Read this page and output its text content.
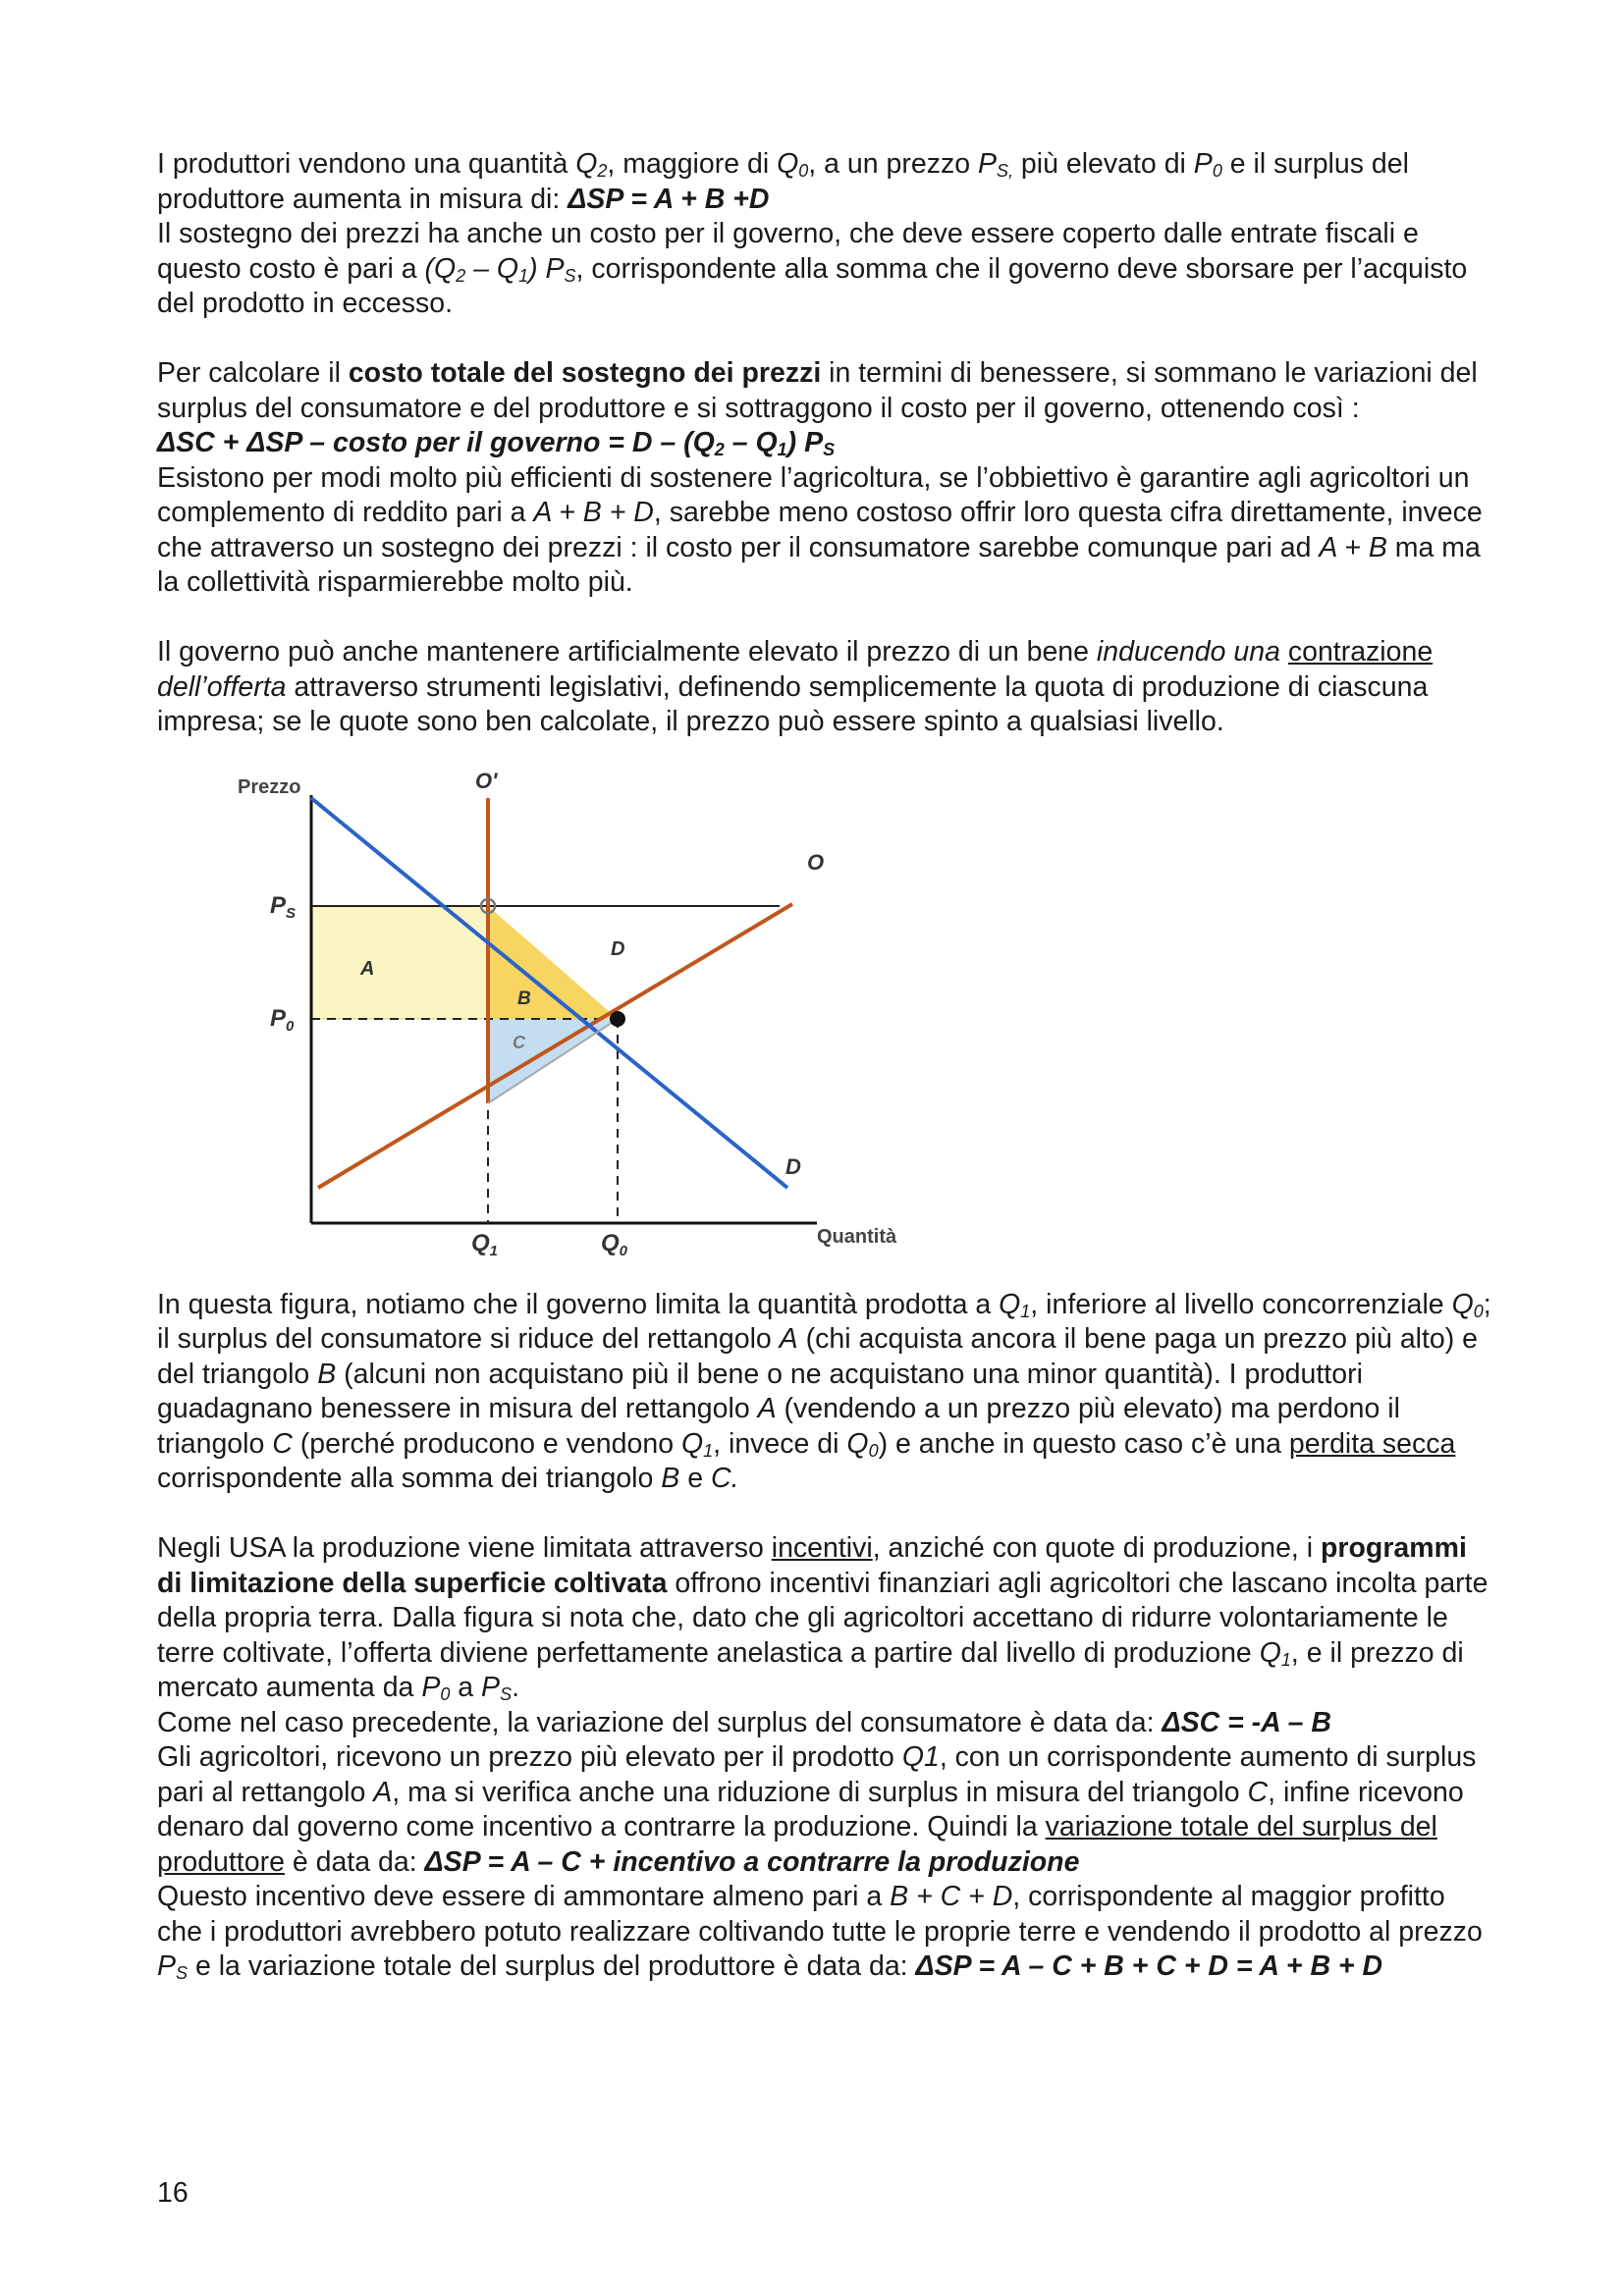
I produttori vendono una quantità $Q_2$, maggiore di $Q_0$, a un prezzo $P_{S,}$ più elevato di $P_0$ e il surplus del produttore aumenta in misura di: ΔSP = A + B +D

Il sostegno dei prezzi ha anche un costo per il governo, che deve essere coperto dalle entrate fiscali e questo costo è pari a $(Q_2 - Q_1)$ $P_S$, corrispondente alla somma che il governo deve sborsare per l’acquisto del prodotto in eccesso.

Per calcolare il costo totale del sostegno dei prezzi in termini di benessere, si sommano le variazioni del surplus del consumatore e del produttore e si sottraggono il costo per il governo, ottenendo così :

ΔSC + ΔSP – costo per il governo = D – $(Q_2 - Q_1)$ $P_S$

Esistono per modi molto più efficienti di sostenere l’agricoltura, se l’obbiettivo è garantire agli agricoltori un complemento di reddito pari a A + B + D, sarebbe meno costoso offrir loro questa cifra direttamente, invece che attraverso un sostegno dei prezzi : il costo per il consumatore sarebbe comunque pari ad A + B ma ma la collettività risparmierebbe molto più.

Il governo può anche mantenere artificialmente elevato il prezzo di un bene inducendo una contrazione dell’offerta attraverso strumenti legislativi, definendo semplicemente la quota di produzione di ciascuna impresa; se le quote sono ben calcolate, il prezzo può essere spinto a qualsiasi livello.

Prezzo
Quantità
O'
O
D
D
$P_S$
$P_0$
$Q_1$	$Q_0$
A
B
C

In questa figura, notiamo che il governo limita la quantità prodotta a $Q_1$, inferiore al livello concorrenziale $Q_0$; il surplus del consumatore si riduce del rettangolo A (chi acquista ancora il bene paga un prezzo più alto) e del triangolo B (alcuni non acquistano più il bene o ne acquistano una minor quantità). I produttori guadagnano benessere in misura del rettangolo A (vendendo a un prezzo più elevato) ma perdono il triangolo C (perché producono e vendono $Q_1$, invece di $Q_0$) e anche in questo caso c’è una perdita secca corrispondente alla somma dei triangolo B e C.

Negli USA la produzione viene limitata attraverso incentivi, anziché con quote di produzione, i programmi di limitazione della superficie coltivata offrono incentivi finanziari agli agricoltori che lascano incolta parte della propria terra. Dalla figura si nota che, dato che gli agricoltori accettano di ridurre volontariamente le terre coltivate, l’offerta diviene perfettamente anelastica a partire dal livello di produzione $Q_1$, e il prezzo di mercato aumenta da $P_0$ a $P_S$.

Come nel caso precedente, la variazione del surplus del consumatore è data da: ΔSC = -A – B

Gli agricoltori, ricevono un prezzo più elevato per il prodotto Q1, con un corrispondente aumento di surplus pari al rettangolo A, ma si verifica anche una riduzione di surplus in misura del triangolo C, infine ricevono denaro dal governo come incentivo a contrarre la produzione. Quindi la variazione totale del surplus del produttore è data da: ΔSP = A – C + incentivo a contrarre la produzione

Questo incentivo deve essere di ammontare almeno pari a B + C + D, corrispondente al maggior profitto che i produttori avrebbero potuto realizzare coltivando tutte le proprie terre e vendendo il prodotto al prezzo $P_S$ e la variazione totale del surplus del produttore è data da: ΔSP = A – C + B + C + D = A + B + D

16
